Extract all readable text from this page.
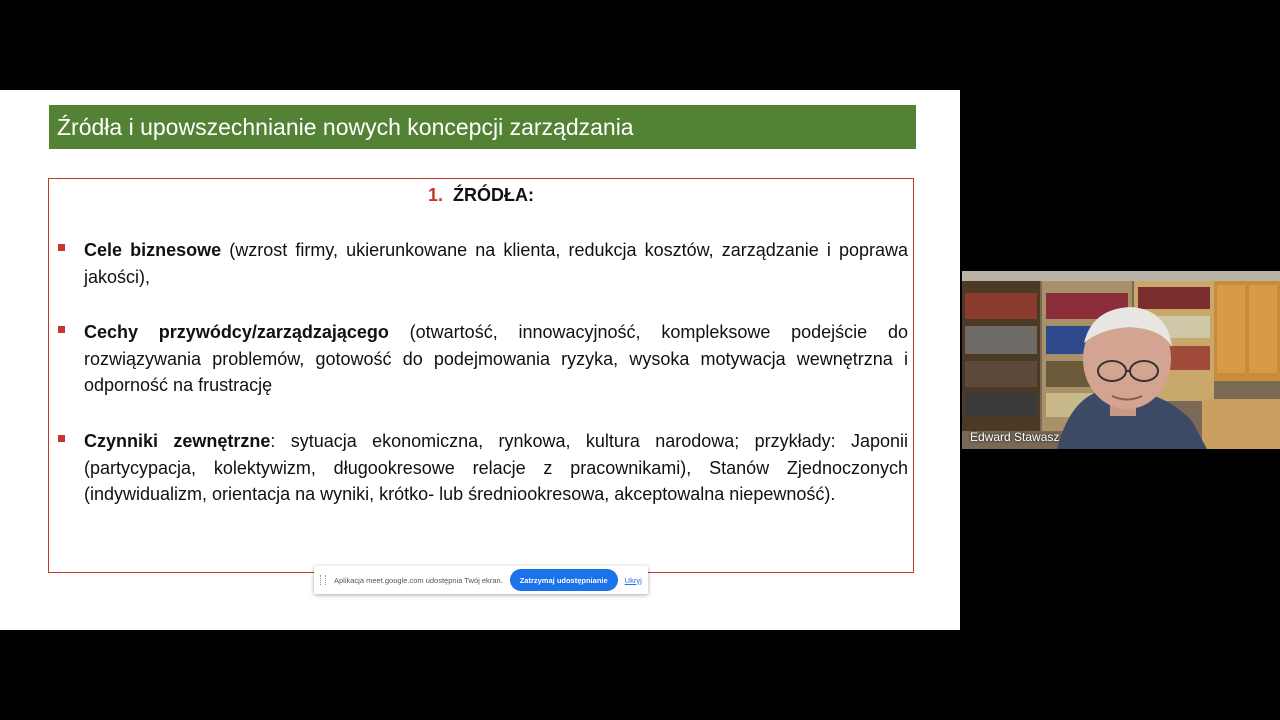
Źródła i upowszechnianie nowych koncepcji zarządzania
1. ŹRÓDŁA:
Cele biznesowe (wzrost firmy, ukierunkowane na klienta, redukcja kosztów, zarządzanie i poprawa jakości),
Cechy przywódcy/zarządzającego (otwartość, innowacyjność, kompleksowe podejście do rozwiązywania problemów, gotowość do podejmowania ryzyka, wysoka motywacja wewnętrzna i odporność na frustrację
Czynniki zewnętrzne: sytuacja ekonomiczna, rynkowa, kultura narodowa; przykłady: Japonii (partycypacja, kolektywizm, długookresowe relacje z pracownikami), Stanów Zjednoczonych (indywidualizm, orientacja na wyniki, krótko- lub średniookresowa, akceptowalna niepewność).
Aplikacja meet.google.com udostępnia Twój ekran.	Zatrzymaj udostępnianie	Ukryj
Edward Stawasz
